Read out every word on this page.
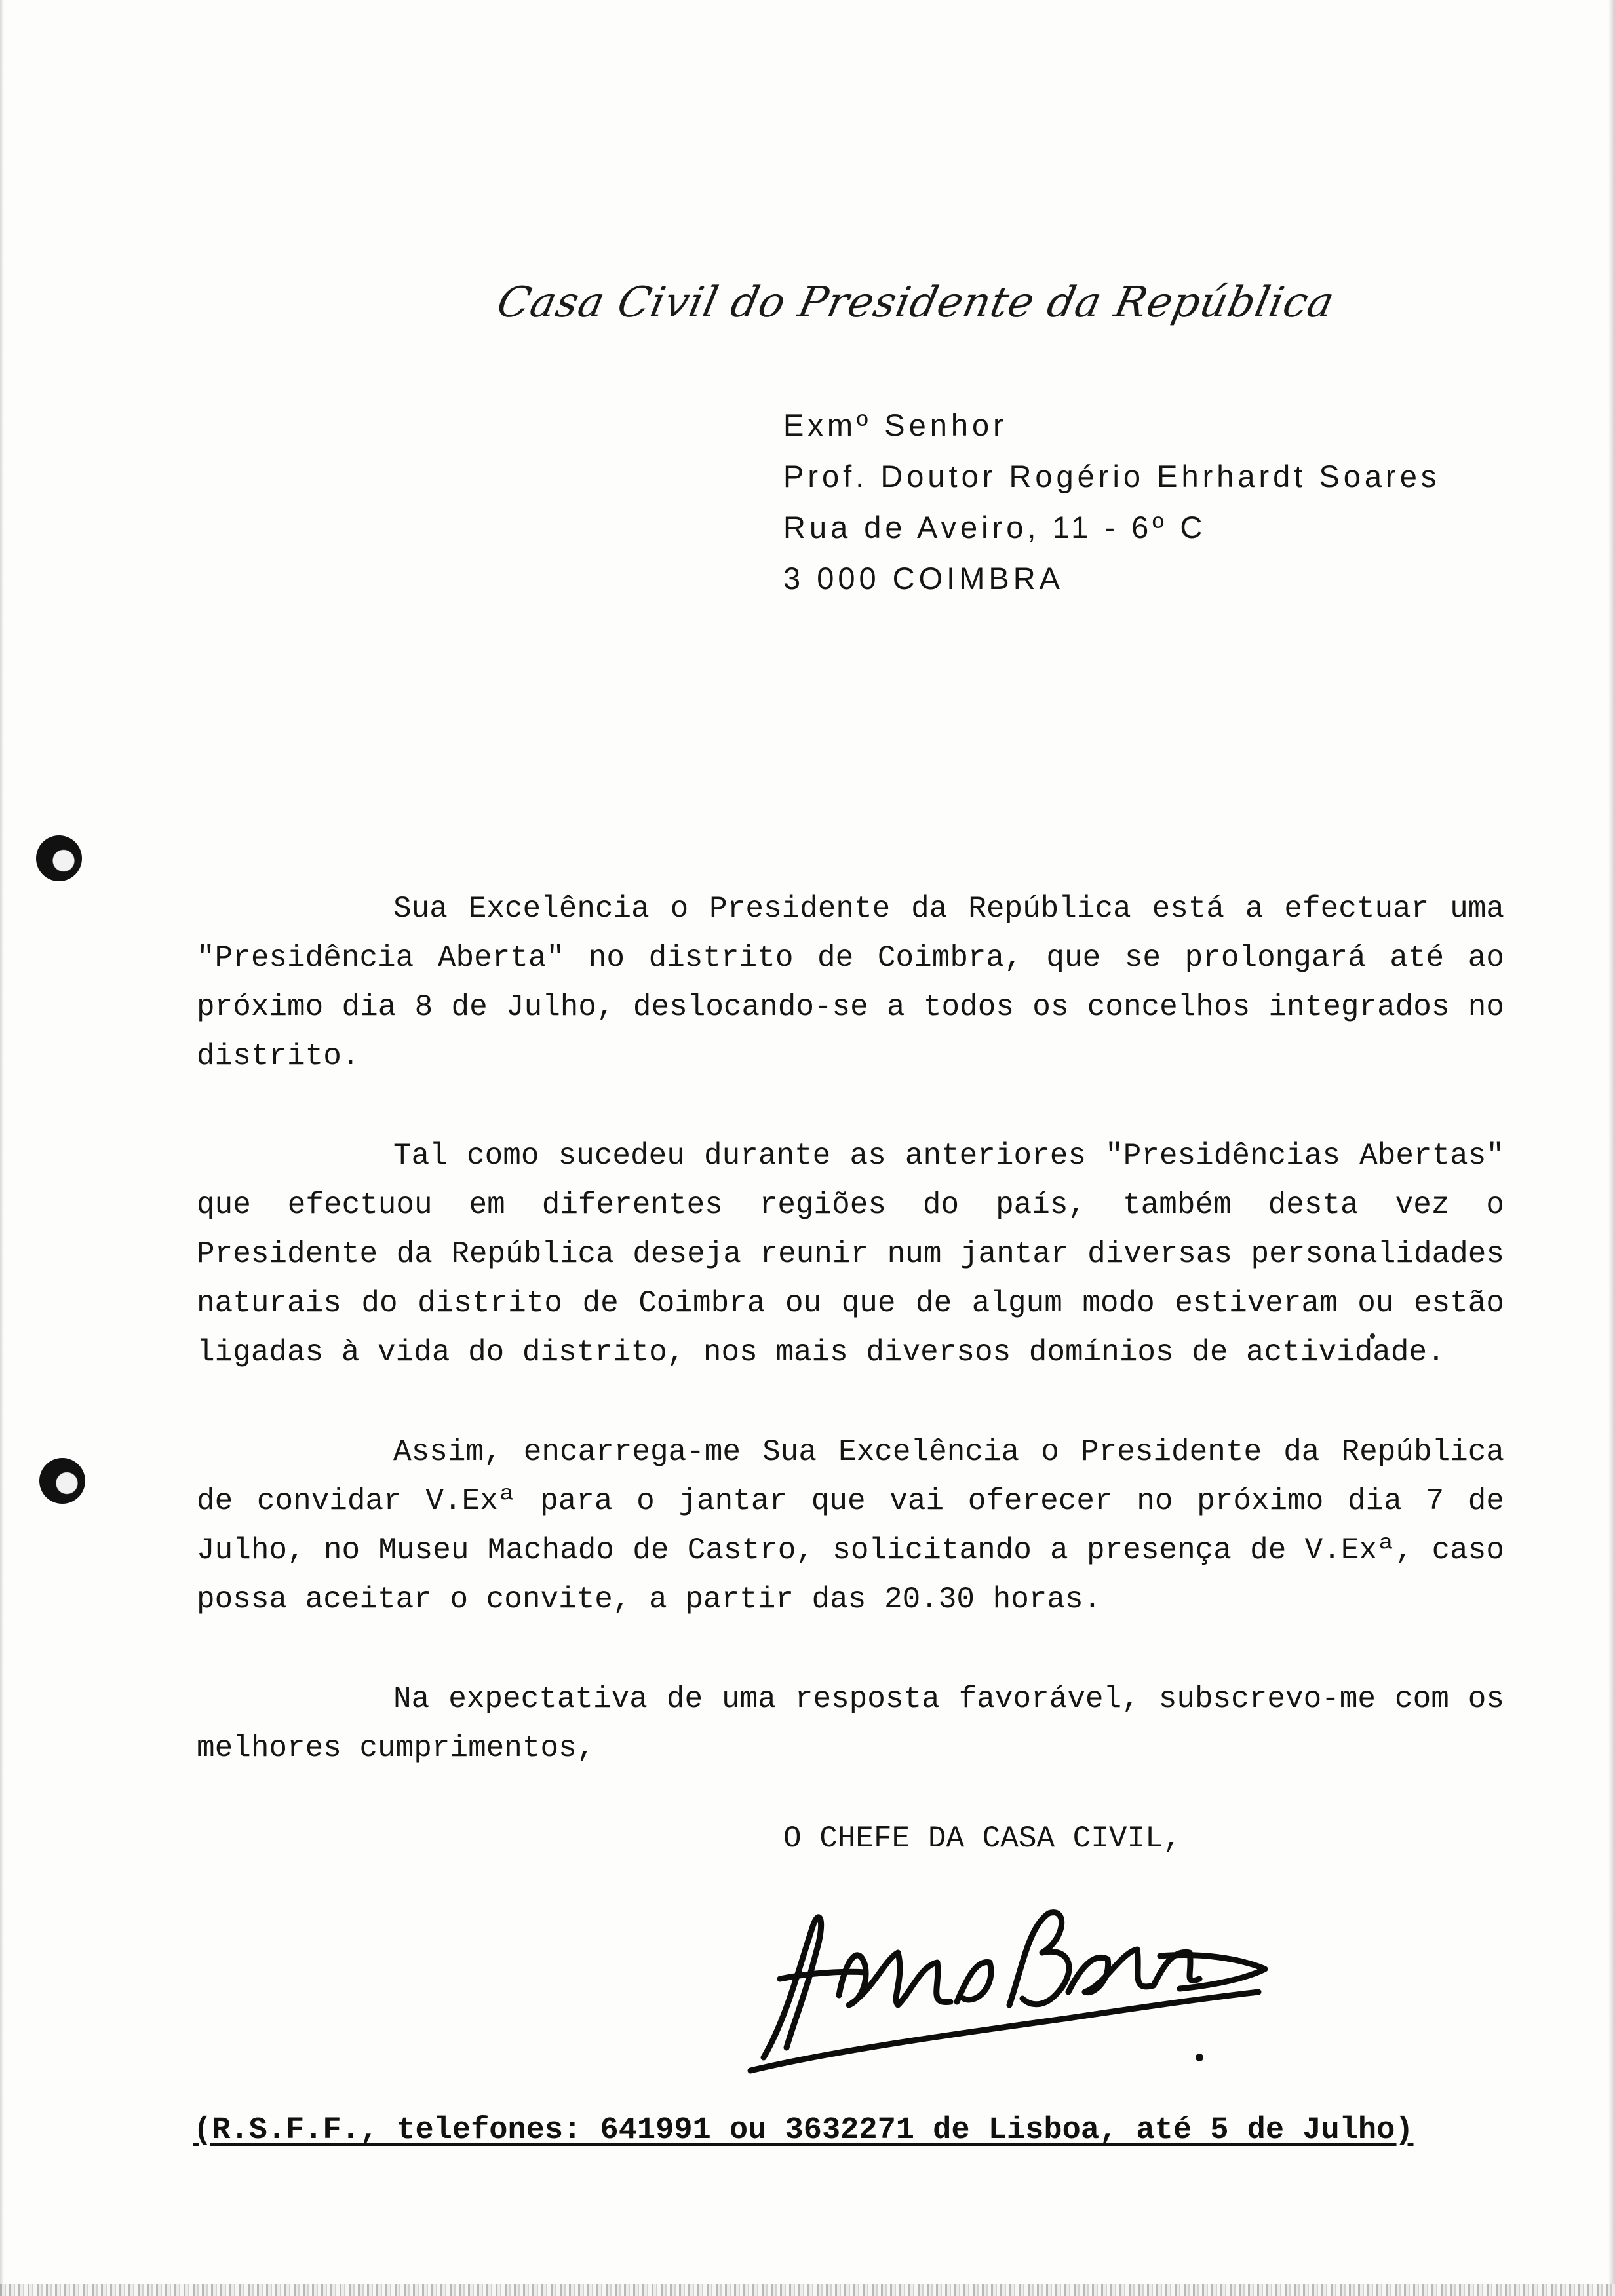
Casa Civil do Presidente da República
Exmº Senhor
Prof. Doutor Rogério Ehrhardt Soares
Rua de Aveiro, 11 - 6º C
3 000 COIMBRA

Sua Excelência o Presidente da República está a efectuar uma "Presidência Aberta" no distrito de Coimbra, que se prolongará até ao próximo dia 8 de Julho, deslocando-se a todos os concelhos integrados no distrito.

Tal como sucedeu durante as anteriores "Presidências Abertas" que efectuou em diferentes regiões do país, também desta vez o Presidente da República deseja reunir num jantar diversas personalidades naturais do distrito de Coimbra ou que de algum modo estiveram ou estão ligadas à vida do distrito, nos mais diversos domínios de actividade.

Assim, encarrega-me Sua Excelência o Presidente da República de convidar V.Exª para o jantar que vai oferecer no próximo dia 7 de Julho, no Museu Machado de Castro, solicitando a presença de V.Exª, caso possa aceitar o convite, a partir das 20.30 horas.

Na expectativa de uma resposta favorável, subscrevo-me com os melhores cumprimentos,

O CHEFE DA CASA CIVIL,
(R.S.F.F., telefones: 641991 ou 3632271 de Lisboa, até 5 de Julho)
